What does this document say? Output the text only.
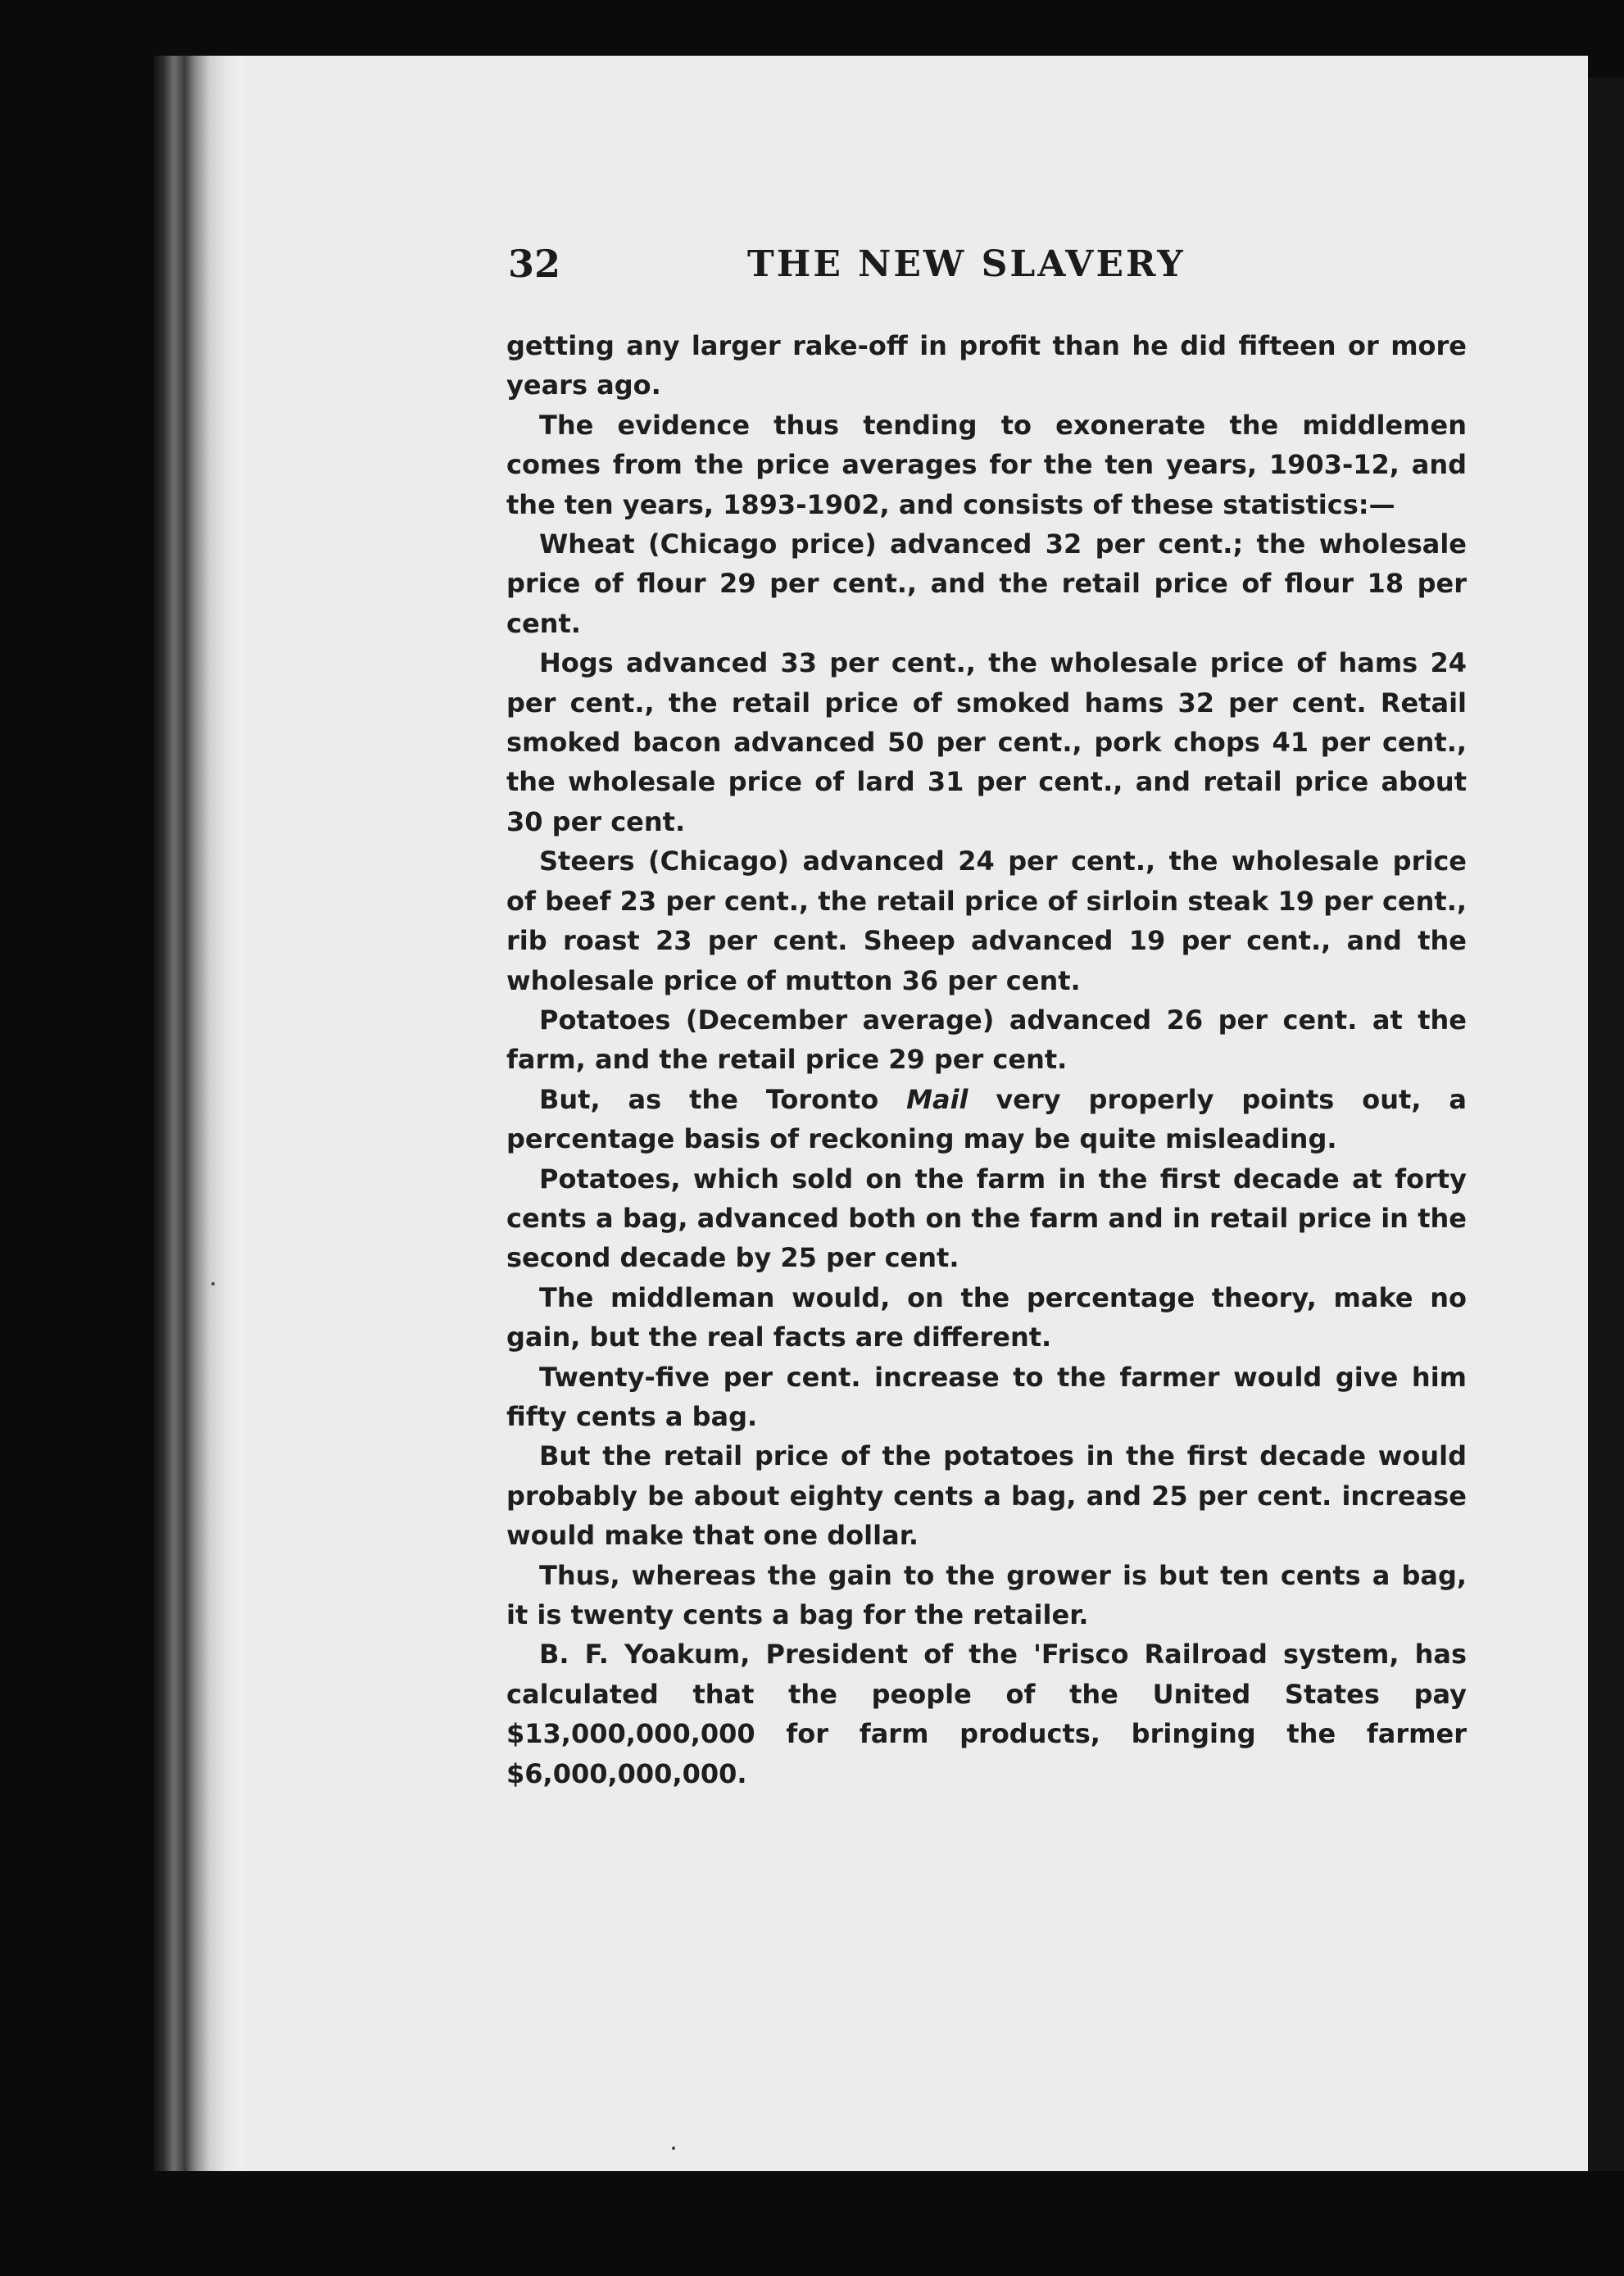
32	THE NEW SLAVERY

getting any larger rake-off in profit than he did fifteen or more years ago.

The evidence thus tending to exonerate the middlemen comes from the price averages for the ten years, 1903-12, and the ten years, 1893-1902, and consists of these statistics:—

Wheat (Chicago price) advanced 32 per cent.; the wholesale price of flour 29 per cent., and the retail price of flour 18 per cent.

Hogs advanced 33 per cent., the wholesale price of hams 24 per cent., the retail price of smoked hams 32 per cent. Retail smoked bacon advanced 50 per cent., pork chops 41 per cent., the wholesale price of lard 31 per cent., and retail price about 30 per cent.

Steers (Chicago) advanced 24 per cent., the wholesale price of beef 23 per cent., the retail price of sirloin steak 19 per cent., rib roast 23 per cent. Sheep advanced 19 per cent., and the wholesale price of mutton 36 per cent.

Potatoes (December average) advanced 26 per cent. at the farm, and the retail price 29 per cent.

But, as the Toronto Mail very properly points out, a percentage basis of reckoning may be quite misleading.

Potatoes, which sold on the farm in the first decade at forty cents a bag, advanced both on the farm and in retail price in the second decade by 25 per cent.

The middleman would, on the percentage theory, make no gain, but the real facts are different.

Twenty-five per cent. increase to the farmer would give him fifty cents a bag.

But the retail price of the potatoes in the first decade would probably be about eighty cents a bag, and 25 per cent. increase would make that one dollar.

Thus, whereas the gain to the grower is but ten cents a bag, it is twenty cents a bag for the retailer.

B. F. Yoakum, President of the 'Frisco Railroad system, has calculated that the people of the United States pay $13,000,000,000 for farm products, bringing the farmer $6,000,000,000.
